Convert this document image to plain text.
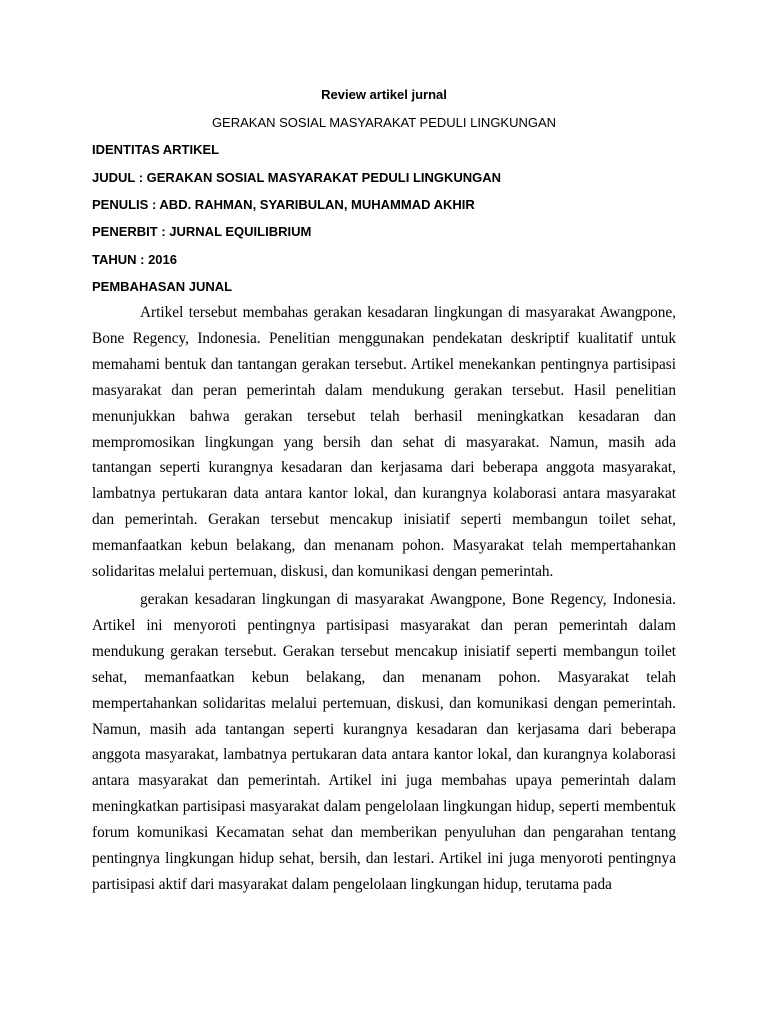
Review artikel jurnal
GERAKAN SOSIAL MASYARAKAT PEDULI LINGKUNGAN
IDENTITAS ARTIKEL
JUDUL : GERAKAN SOSIAL MASYARAKAT PEDULI LINGKUNGAN
PENULIS : ABD. RAHMAN, SYARIBULAN, MUHAMMAD AKHIR
PENERBIT : JURNAL EQUILIBRIUM
TAHUN : 2016
PEMBAHASAN JUNAL

Artikel tersebut membahas gerakan kesadaran lingkungan di masyarakat Awangpone, Bone Regency, Indonesia. Penelitian menggunakan pendekatan deskriptif kualitatif untuk memahami bentuk dan tantangan gerakan tersebut. Artikel menekankan pentingnya partisipasi masyarakat dan peran pemerintah dalam mendukung gerakan tersebut. Hasil penelitian menunjukkan bahwa gerakan tersebut telah berhasil meningkatkan kesadaran dan mempromosikan lingkungan yang bersih dan sehat di masyarakat. Namun, masih ada tantangan seperti kurangnya kesadaran dan kerjasama dari beberapa anggota masyarakat, lambatnya pertukaran data antara kantor lokal, dan kurangnya kolaborasi antara masyarakat dan pemerintah. Gerakan tersebut mencakup inisiatif seperti membangun toilet sehat, memanfaatkan kebun belakang, dan menanam pohon. Masyarakat telah mempertahankan solidaritas melalui pertemuan, diskusi, dan komunikasi dengan pemerintah.

gerakan kesadaran lingkungan di masyarakat Awangpone, Bone Regency, Indonesia. Artikel ini menyoroti pentingnya partisipasi masyarakat dan peran pemerintah dalam mendukung gerakan tersebut. Gerakan tersebut mencakup inisiatif seperti membangun toilet sehat, memanfaatkan kebun belakang, dan menanam pohon. Masyarakat telah mempertahankan solidaritas melalui pertemuan, diskusi, dan komunikasi dengan pemerintah. Namun, masih ada tantangan seperti kurangnya kesadaran dan kerjasama dari beberapa anggota masyarakat, lambatnya pertukaran data antara kantor lokal, dan kurangnya kolaborasi antara masyarakat dan pemerintah. Artikel ini juga membahas upaya pemerintah dalam meningkatkan partisipasi masyarakat dalam pengelolaan lingkungan hidup, seperti membentuk forum komunikasi Kecamatan sehat dan memberikan penyuluhan dan pengarahan tentang pentingnya lingkungan hidup sehat, bersih, dan lestari. Artikel ini juga menyoroti pentingnya partisipasi aktif dari masyarakat dalam pengelolaan lingkungan hidup, terutama pada
